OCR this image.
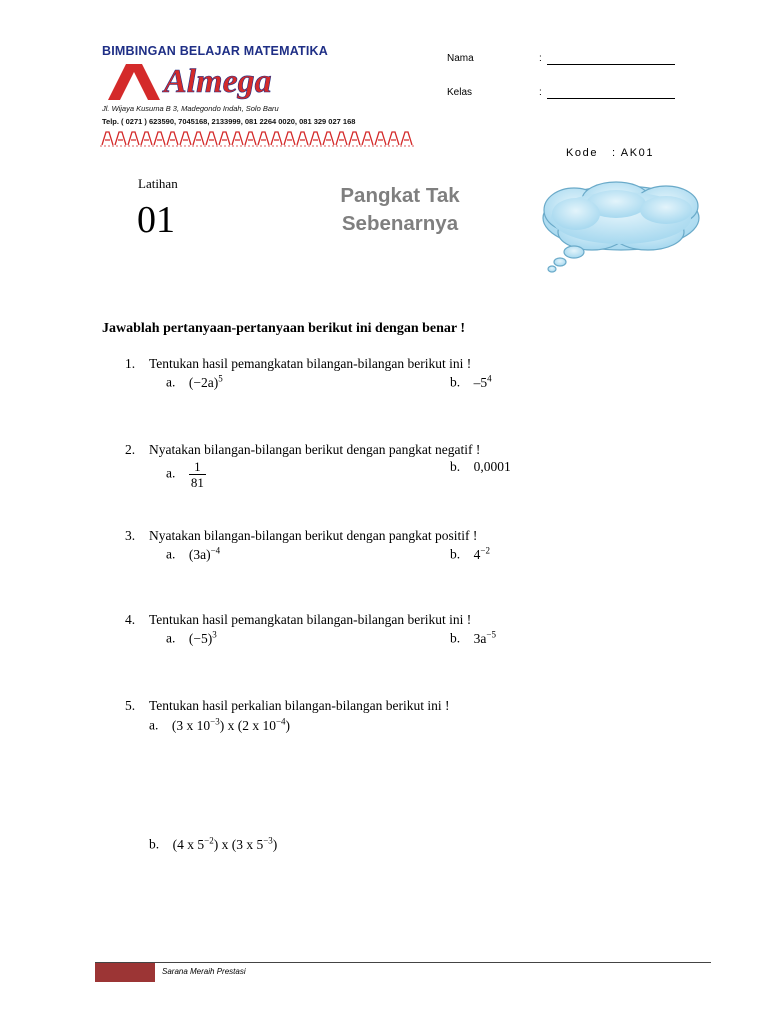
BIMBINGAN BELAJAR MATEMATIKA
Almega
Jl. Wijaya Kusuma B 3, Madegondo Indah, Solo Baru
Telp. ( 0271 ) 623590, 7045168, 2133999, 081 2264 0020, 081 329 027 168
Nama	:
Kelas	:
Kode   : AK01
Latihan
01
Pangkat Tak
Sebenarnya
Jawablah pertanyaan-pertanyaan berikut ini dengan benar !
1. Tentukan hasil pemangkatan bilangan-bilangan berikut ini !
a. $(-2a)^5$	b. $-5^4$
2. Nyatakan bilangan-bilangan berikut dengan pangkat negatif !
a. $\frac{1}{81}$	b. 0,0001
3. Nyatakan bilangan-bilangan berikut dengan pangkat positif !
a. $(3a)^{-4}$	b. $4^{-2}$
4. Tentukan hasil pemangkatan bilangan-bilangan berikut ini !
a. $(-5)^3$	b. $3a^{-5}$
5. Tentukan hasil perkalian bilangan-bilangan berikut ini !
a. (3 x $10^{-3}$) x (2 x $10^{-4}$)
b. (4 x $5^{-2}$) x (3 x $5^{-3}$)
Sarana Meraih Prestasi
